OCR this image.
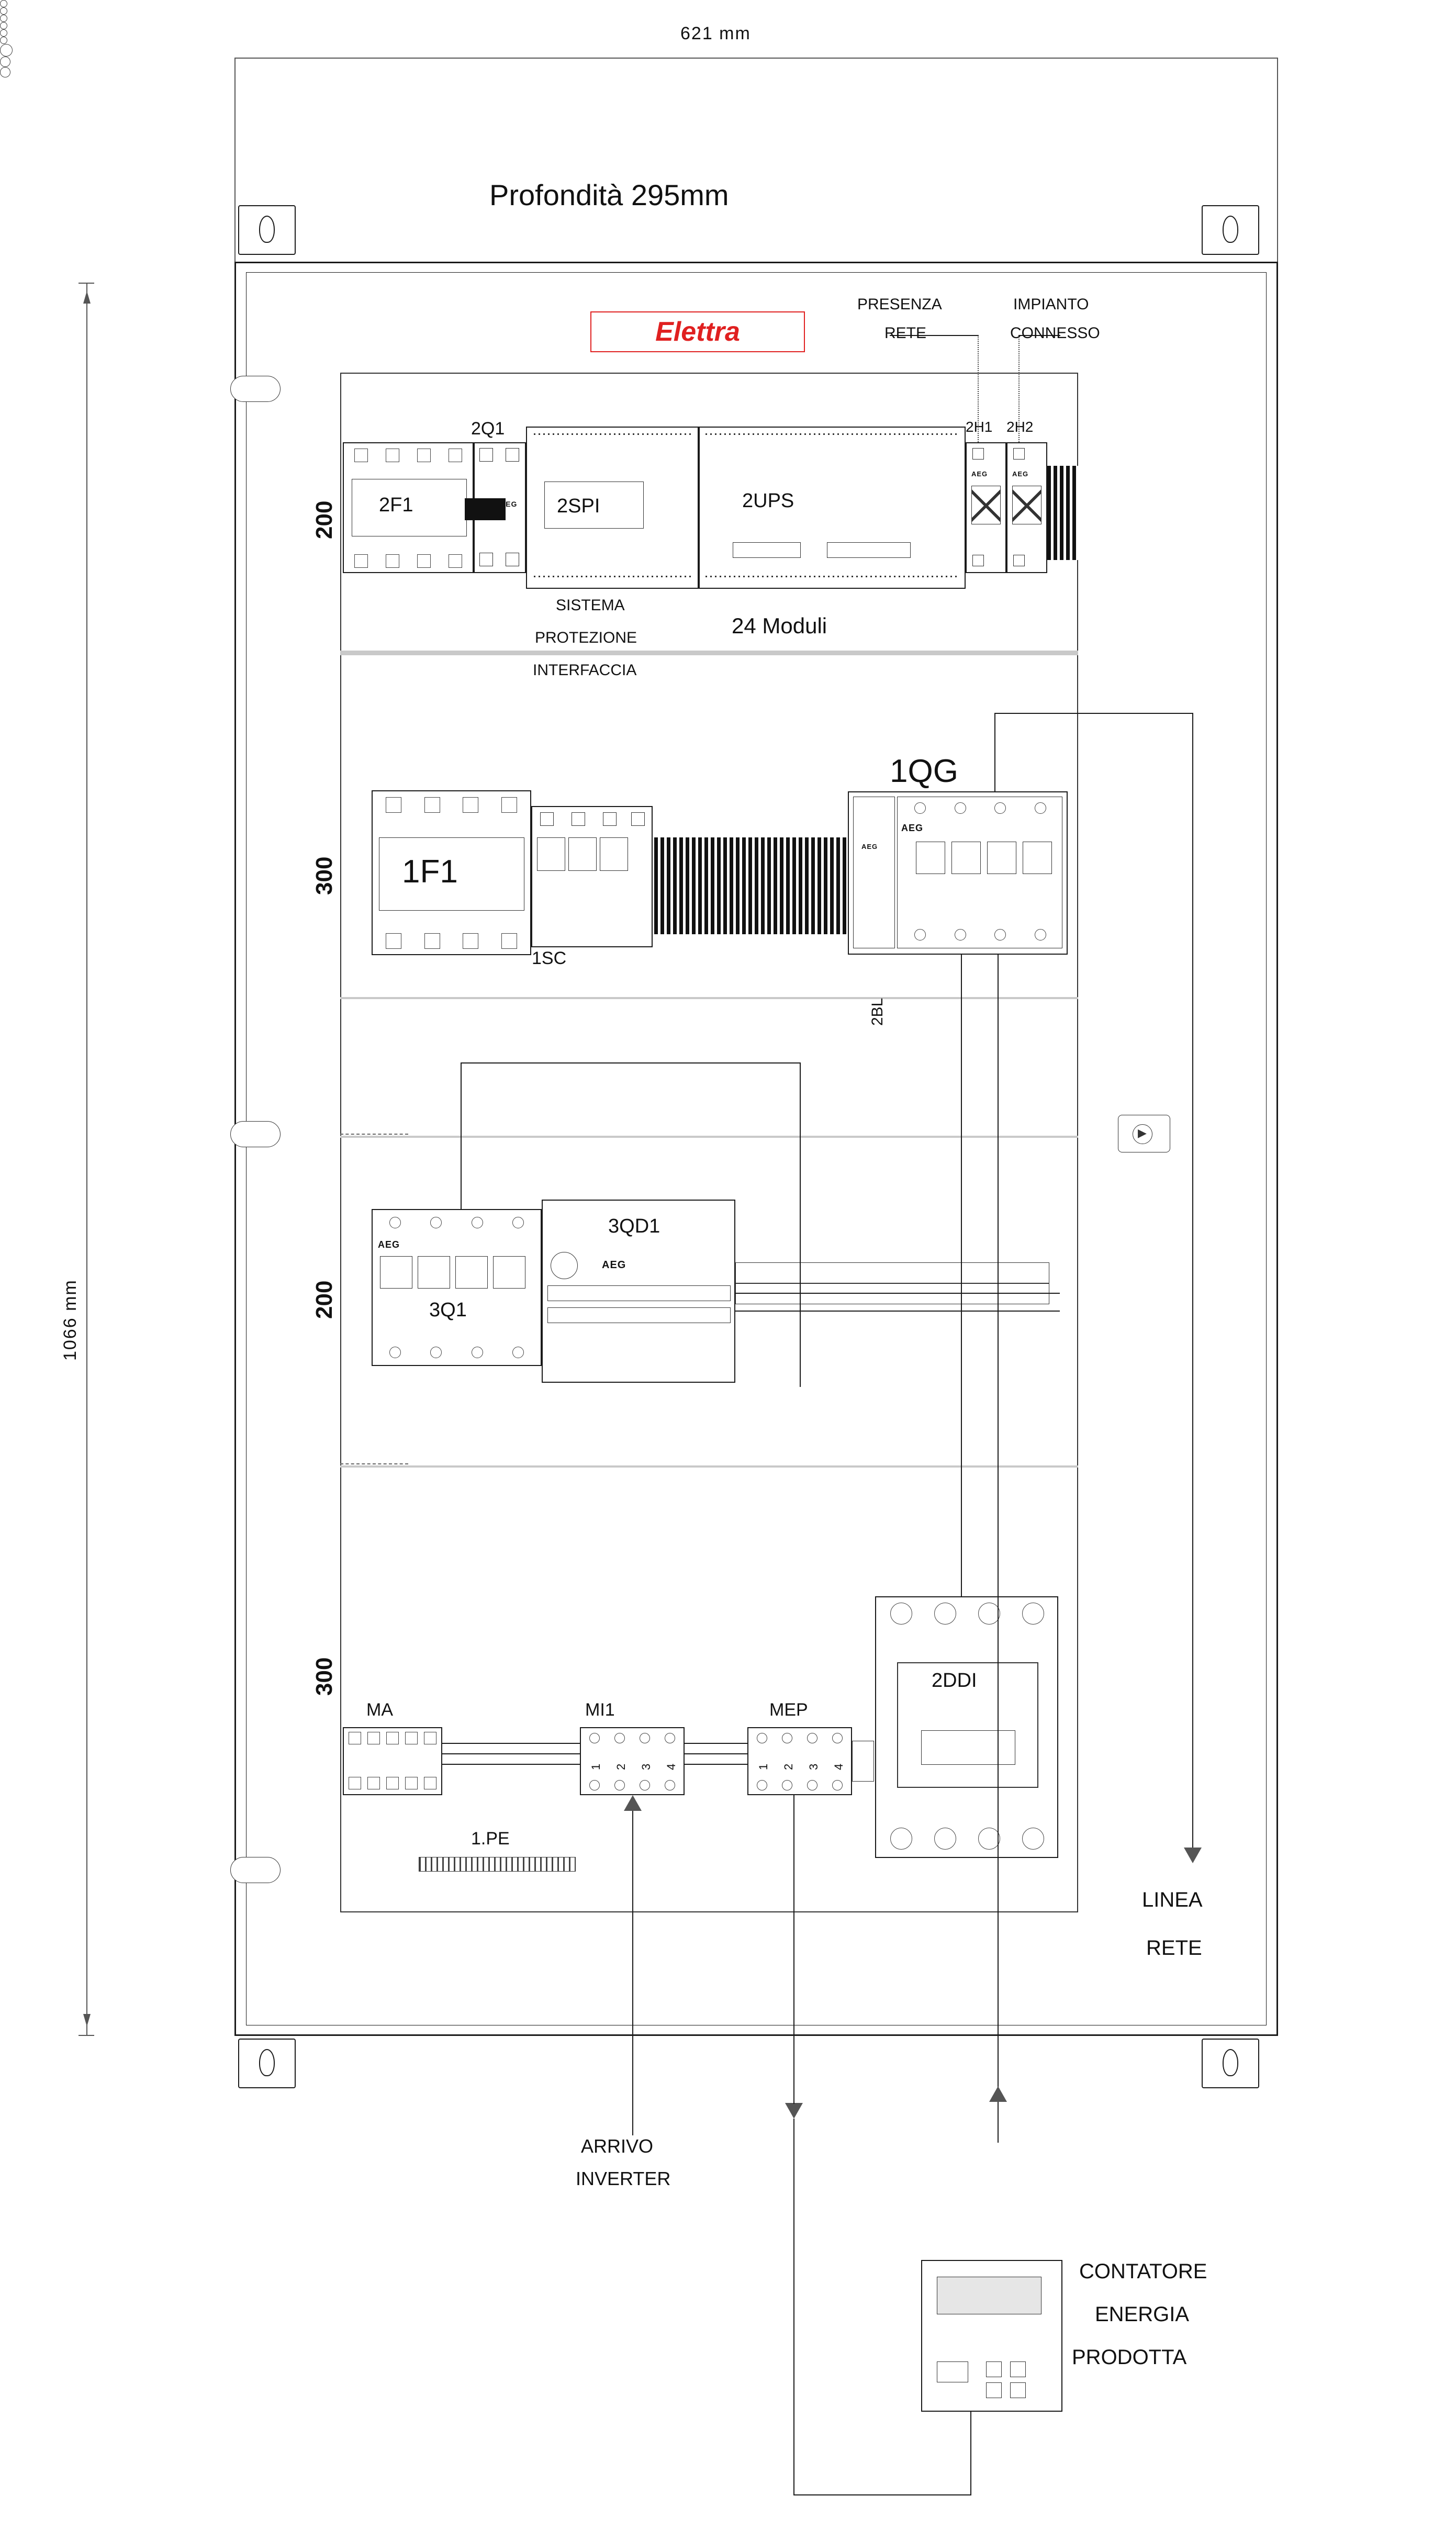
621 mm
1066 mm
Profondità 295mm
▶
Elettra
200
300
200
300
2F1	AEG
2Q1
2SPI	2UPS
AEG
2H1
AEG
2H2
PRESENZA
RETE
IMPIANTO
CONNESSO
SISTEMA
PROTEZIONE
INTERFACCIA
24 Moduli
1F1
1SC
AEG
AEG
1QG
2BL
AEG
3Q1
3QD1
AEG
MA
1 2 3 4
MI1
1 2 3 4
MEP
2DDI
1.PE
LINEA
RETE
ARRIVO
INVERTER
CONTATORE
ENERGIA
PRODOTTA
